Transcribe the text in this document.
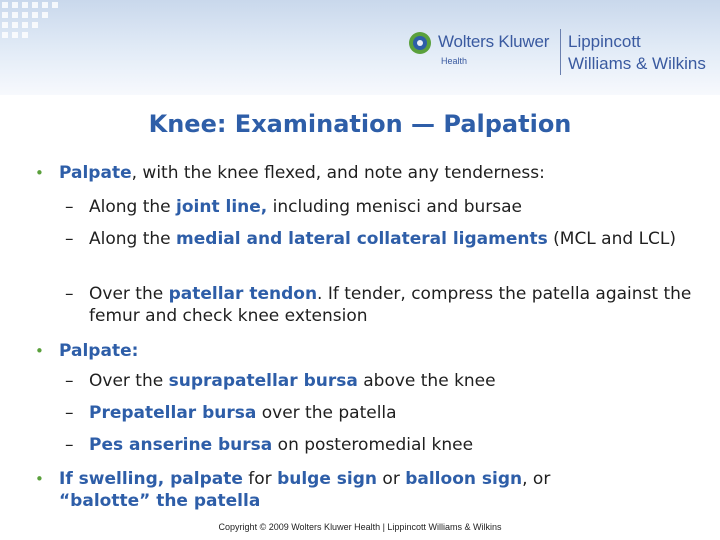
Wolters Kluwer
Health
Lippincott
Williams & Wilkins
Knee: Examination — Palpation
• Palpate, with the knee flexed, and note any tenderness:
– Along the joint line, including menisci and bursae
– Along the medial and lateral collateral ligaments (MCL and LCL)
– Over the patellar tendon. If tender, compress the patella against the femur and check knee extension
• Palpate:
– Over the suprapatellar bursa above the knee
– Prepatellar bursa over the patella
– Pes anserine bursa on posteromedial knee
• If swelling, palpate for bulge sign or balloon sign, or
“balotte” the patella
Copyright © 2009 Wolters Kluwer Health | Lippincott Williams & Wilkins
